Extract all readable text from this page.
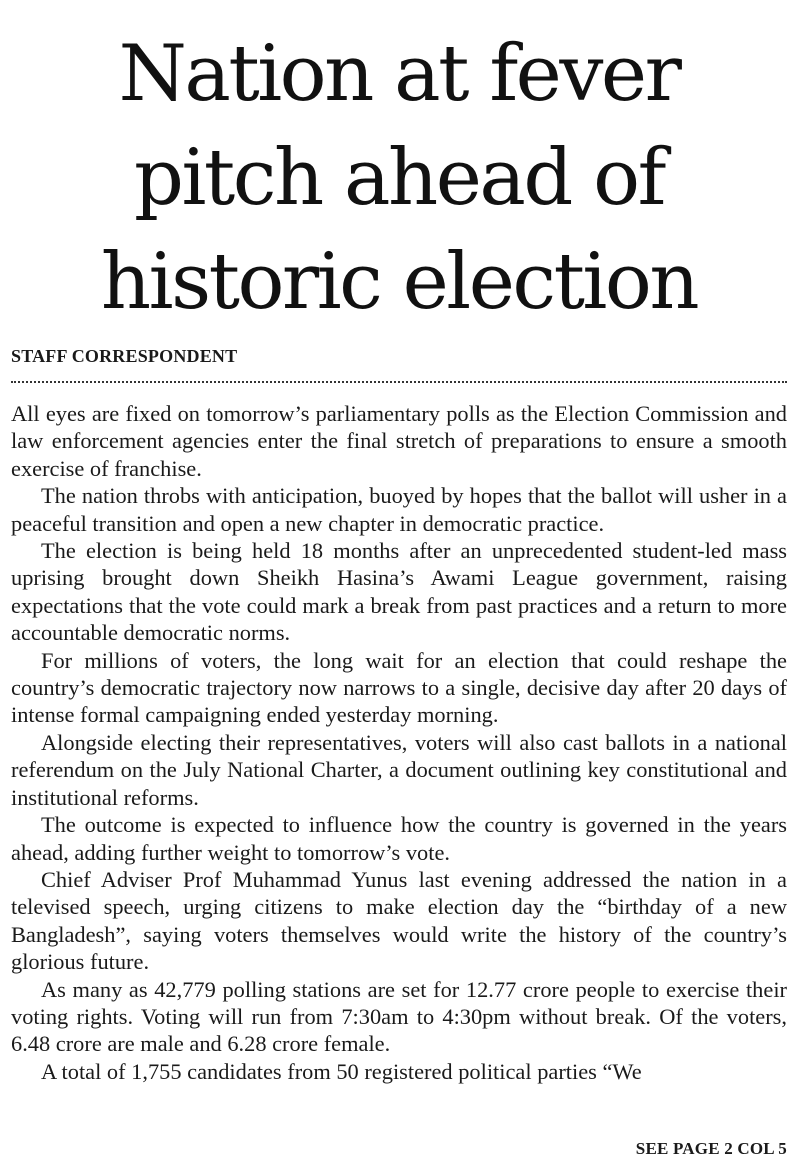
Nation at fever
pitch ahead of
historic election
STAFF CORRESPONDENT

All eyes are fixed on tomorrow’s parliamentary polls as the Election Commission and law enforcement agencies enter the final stretch of preparations to ensure a smooth exercise of franchise.

The nation throbs with anticipation, buoyed by hopes that the ballot will usher in a peaceful transition and open a new chapter in democratic practice.

The election is being held 18 months after an unprecedented student-led mass uprising brought down Sheikh Hasina’s Awami League government, raising expectations that the vote could mark a break from past practices and a return to more accountable democratic norms.

For millions of voters, the long wait for an election that could reshape the country’s democratic trajectory now narrows to a single, decisive day after 20 days of intense formal campaigning ended yesterday morning.

Alongside electing their representatives, voters will also cast ballots in a national referendum on the July National Charter, a document outlining key constitutional and institutional reforms.

The outcome is expected to influence how the country is governed in the years ahead, adding further weight to tomorrow’s vote.

Chief Adviser Prof Muhammad Yunus last evening addressed the nation in a televised speech, urging citizens to make election day the “birthday of a new Bangladesh”, saying voters themselves would write the history of the country’s glorious future.

As many as 42,779 polling stations are set for 12.77 crore people to exercise their voting rights. Voting will run from 7:30am to 4:30pm without break. Of the voters, 6.48 crore are male and 6.28 crore female.

A total of 1,755 candidates from 50 registered political parties “We

SEE PAGE 2 COL 5
